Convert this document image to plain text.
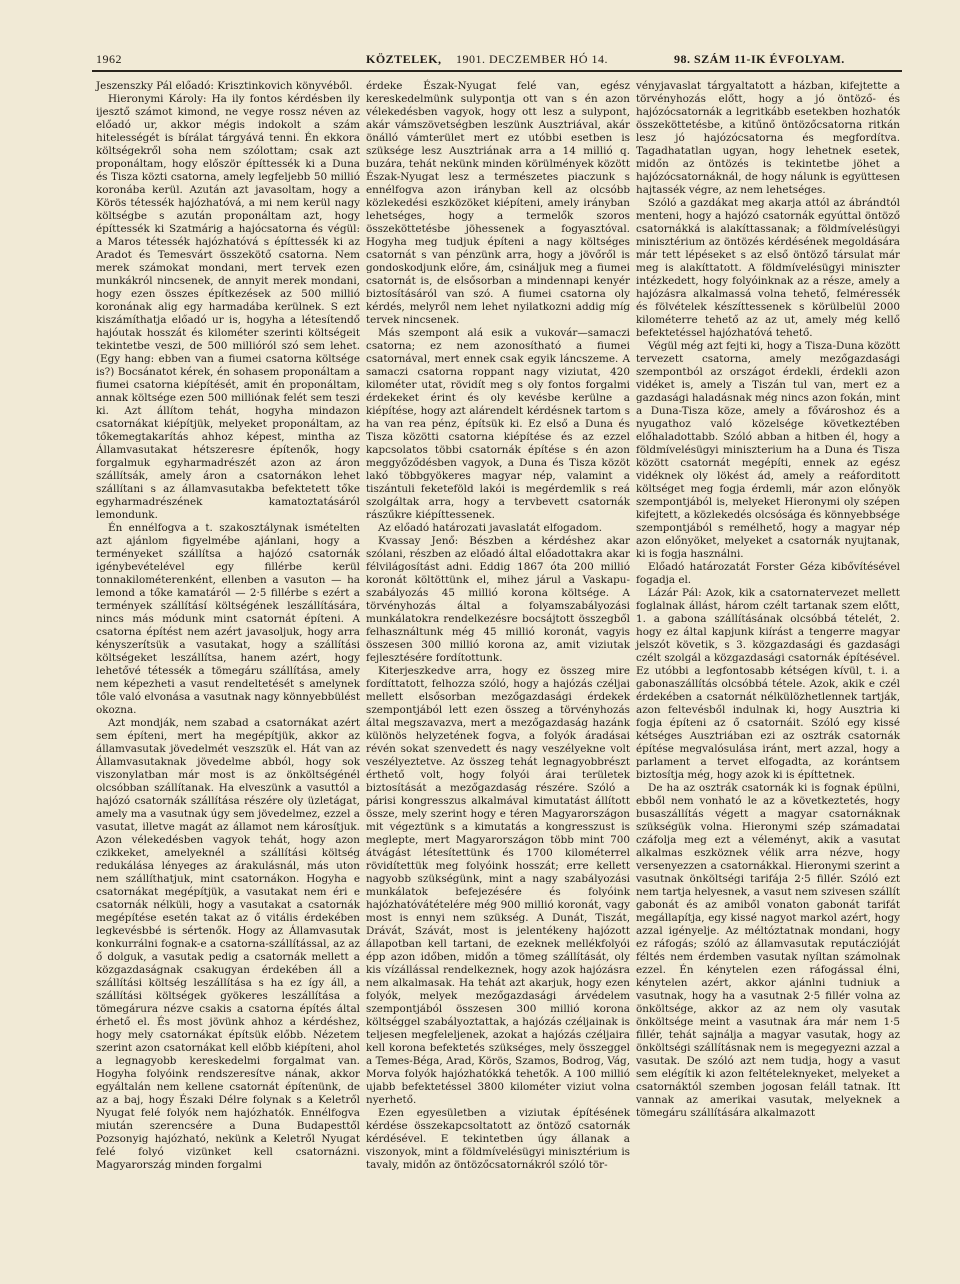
1962	KÖZTELEK, 1901. DECZEMBER HÓ 14.	98. SZÁM 11-IK ÉVFOLYAM.

Jeszenszky Pál előadó: Krisztinkovich könyvéből.

Hieronymi Károly: Ha ily fontos kérdésben ily ijesztő számot kimond, ne vegye rossz néven az előadó ur, akkor mégis indokolt a szám hitelességét is bírálat tárgyává tenni. Én ekkora költségekről soha nem szólottam; csak azt proponáltam, hogy először építtessék ki a Duna és Tisza közti csatorna, amely legfeljebb 50 millió koronába kerül. Azután azt javasoltam, hogy a Körös tétessék hajózhatóvá, a mi nem kerül nagy költségbe s azután proponáltam azt, hogy építtessék ki Szatmárig a hajócsatorna és végül: a Maros tétessék hajózhatóvá s építtessék ki az Aradot és Temesvárt összekötő csatorna. Nem merek számokat mondani, mert tervek ezen munkákról nincsenek, de annyit merek mondani, hogy ezen összes építkezések az 500 millió koronának alig egy harmadába kerülnek. S ezt kiszámíthatja előadó ur is, hogyha a létesítendő hajóutak hosszát és kilométer szerinti költségeit tekintetbe veszi, de 500 millióról szó sem lehet. (Egy hang: ebben van a fiumei csatorna költsége is?) Bocsánatot kérek, én sohasem proponáltam a fiumei csatorna kiépítését, amit én proponáltam, annak költsége ezen 500 milliónak felét sem teszi ki. Azt állítom tehát, hogyha mindazon csatornákat kiépítjük, melyeket proponáltam, az tőkemegtakarítás ahhoz képest, mintha az Államvasutakat hétszeresre építenők, hogy forgalmuk egyharmadrészét azon az áron szállítsák, amely áron a csatornákon lehet szállítani s az államvasutakba befektetett tőke egyharmadrészének kamatoztatásáról lemondunk.

Én ennélfogva a t. szakosztálynak ismételten azt ajánlom figyelmébe ajánlani, hogy a terményeket szállítsa a hajózó csatornák igénybevételével egy fillérbe kerül tonnakilométerenként, ellenben a vasuton — ha lemond a tőke kamatáról — 2·5 fillérbe s ezért a termények szállításí költségének leszállítására, nincs más módunk mint csatornát építeni. A csatorna építést nem azért javasoljuk, hogy arra kényszerítsük a vasutakat, hogy a szállítási költségeket leszállítsa, hanem azért, hogy lehetővé tétessék a tömegáru szállítása, amely nem képezheti a vasut rendeltetését s amelynek tőle való elvonása a vasutnak nagy könnyebbülést okozna.

Azt mondják, nem szabad a csatornákat azért sem építeni, mert ha megépítjük, akkor az államvasutak jövedelmét veszszük el. Hát van az Államvasutaknak jövedelme abból, hogy sok viszonylatban már most is az önköltségénél olcsóbban szállítanak. Ha elveszünk a vasuttól a hajózó csatornák szállítása részére oly üzletágat, amely ma a vasutnak úgy sem jövedelmez, ezzel a vasutat, illetve magát az államot nem károsítjuk. Azon vélekedésben vagyok tehát, hogy azon czikkeket, amelyeknél a szállítási költség redukálása lényeges az árakulásnál, más uton nem szállíthatjuk, mint csatornákon. Hogyha e csatornákat megépítjük, a vasutakat nem éri e csatornák nélküli, hogy a vasutakat a csatornák megépítése esetén takat az ő vitális érdekében legkevésbbé is sértenők. Hogy az Államvasutak konkurrálni fognak-e a csatorna-szállítással, az az ő dolguk, a vasutak pedig a csatornák mellett a közgazdaságnak csakugyan érdekében áll a szállítási költség leszállítása s ha ez így áll, a szállítási költségek gyökeres leszállítása a tömegárura nézve csakis a csatorna építés által érhető el. És most jövünk ahhoz a kérdéshez, hogy mely csatornákat építsük előbb. Nézetem szerint azon csatornákat kell előbb kiépíteni, ahol a legnagyobb kereskedelmi forgalmat van. Hogyha folyóink rendszeresítve nának, akkor egyáltalán nem kellene csatornát építenünk, de az a baj, hogy Északi Délre folynak s a Keletről Nyugat felé folyók nem hajózhatók. Ennélfogva miután szerencsére a Duna Budapesttől Pozsonyig hajózható, nekünk a Keletről Nyugat felé folyó vizünket kell csatornázni. Magyarország minden forgalmi

érdeke Észak-Nyugat felé van, egész kereskedelmünk sulypontja ott van s én azon vélekedésben vagyok, hogy ott lesz a sulypont, akár vámszövetségben leszünk Ausztriával, akár önálló vámterület mert ez utóbbi esetben is szüksége lesz Ausztriának arra a 14 millió q. buzára, tehát nekünk minden körülmények között Észak-Nyugat lesz a természetes piaczunk s ennélfogva azon irányban kell az olcsóbb közlekedési eszközöket kiépíteni, amely irányban lehetséges, hogy a termelők szoros összeköttetésbe jöhessenek a fogyasztóval. Hogyha meg tudjuk építeni a nagy költséges csatornát s van pénzünk arra, hogy a jövőről is gondoskodjunk előre, ám, csináljuk meg a fiumei csatornát is, de elsősorban a mindennapi kenyér biztosításáról van szó. A fiumei csatorna oly kérdés, melyről nem lehet nyilatkozni addig míg tervek nincsenek.

Más szempont alá esik a vukovár—samaczi csatorna; ez nem azonosítható a fiumei csatornával, mert ennek csak egyik láncszeme. A samaczi csatorna roppant nagy viziutat, 420 kilométer utat, rövidít meg s oly fontos forgalmi érdekeket érint és oly kevésbe kerülne a kiépítése, hogy azt alárendelt kérdésnek tartom s ha van rea pénz, építsük ki. Ez első a Duna és Tisza közötti csatorna kiépítése és az ezzel kapcsolatos többi csatornák építése s én azon meggyőződésben vagyok, a Duna és Tisza közöt lakó többgyökeres magyar nép, valamint a tiszántuli feketeföld lakói is megérdemlik s reá szolgáltak arra, hogy a tervbevett csatornák rászűkre kiépíttessenek.

Az előadó határozati javaslatát elfogadom.

Kvassay Jenő: Bészben a kérdéshez akar szólani, részben az előadó által előadottakra akar félvilágosítást adni. Eddig 1867 óta 200 millió koronát költöttünk el, mihez járul a Vaskapu-szabályozás 45 millió korona költsége. A törvényhozás által a folyamszabályozási munkálatokra rendelkezésre bocsájtott összegből felhasználtunk még 45 millió koronát, vagyis összesen 300 millió korona az, amit viziutak fejlesztésére fordítottunk.

Kiterjeszkedve arra, hogy ez összeg mire fordíttatott, felhozza szóló, hogy a hajózás czéljai mellett elsősorban mezőgazdasági érdekek szempontjából lett ezen összeg a törvényhozás által megszavazva, mert a mezőgazdaság hazánk különös helyzetének fogva, a folyók áradásai révén sokat szenvedett és nagy veszélyekne volt veszélyeztetve. Az összeg tehát legnagyobbrészt érthető volt, hogy folyói árai területek biztosítását a mezőgazdaság részére. Szóló a párisi kongresszus alkalmával kimutatást állított össze, mely szerint hogy e téren Magyarországon mit végeztünk s a kimutatás a kongresszust is meglepte, mert Magyarországon több mint 700 átvágást létesítettünk és 1700 kilométerrel rövidítettük meg folyóink hosszát; erre kellett nagyobb szükségünk, mint a nagy szabályozási munkálatok befejezésére és folyóink hajózhatóvátételére még 900 millió koronát, vagy most is ennyi nem szükség. A Dunát, Tiszát, Drávát, Szávát, most is jelentékeny hajózott állapotban kell tartani, de ezeknek mellékfolyói épp azon időben, midőn a tömeg szállítását, oly kis vízállással rendelkeznek, hogy azok hajózásra nem alkalmasak. Ha tehát azt akarjuk, hogy ezen folyók, melyek mezőgazdasági árvédelem szempontjából összesen 300 millió korona költséggel szabályoztattak, a hajózás czéljainak is teljesen megfeleljenek, azokat a hajózás czéljaira kell korona befektetés szükséges, mely összeggel a Temes-Béga, Arad, Körös, Szamos, Bodrog, Vág, Morva folyók hajózhatókká tehetők. A 100 millió ujabb befektetéssel 3800 kilométer viziut volna nyerhető.

Ezen egyesületben a viziutak építésének kérdése összekapcsoltatott az öntöző csatornák kérdésével. E tekintetben úgy állanak a viszonyok, mint a földmívelésügyi minisztérium is tavaly, midőn az öntözőcsatornákról szóló tör-

vényjavaslat tárgyaltatott a házban, kifejtette a törvényhozás előtt, hogy a jó öntöző- és hajózócsatornák a legritkább esetekben hozhatók összeköttetésbe, a kitűnő öntözőcsatorna ritkán lesz jó hajózócsatorna és megfordítva. Tagadhatatlan ugyan, hogy lehetnek esetek, midőn az öntözés is tekintetbe jöhet a hajózócsatornáknál, de hogy nálunk is együttesen hajtassék végre, az nem lehetséges.

Szóló a gazdákat meg akarja attól az ábrándtól menteni, hogy a hajózó csatornák egyúttal öntöző csatornákká is alakíttassanak; a földmívelésügyi minisztérium az öntözés kérdésének megoldására már tett lépéseket s az első öntöző társulat már meg is alakíttatott. A földmívelésügyi miniszter intézkedett, hogy folyóinknak az a része, amely a hajózásra alkalmassá volna tehető, felméressék és fölvételek készíttessenek s körülbelül 2000 kilométerre tehető az az ut, amely még kellő befektetéssel hajózhatóvá tehető.

Végül még azt fejti ki, hogy a Tisza-Duna között tervezett csatorna, amely mezőgazdasági szempontból az országot érdekli, érdekli azon vidéket is, amely a Tiszán tul van, mert ez a gazdasági haladásnak még nincs azon fokán, mint a Duna-Tisza köze, amely a fővároshoz és a nyugathoz való közelsége következtében előhaladottabb. Szóló abban a hitben él, hogy a földmívelésügyi miniszterium ha a Duna és Tisza között csatornát megépíti, ennek az egész vidéknek oly lökést ád, amely a reáforditott költséget meg fogja érdemli, már azon előnyök szempontjából is, melyeket Hieronymi oly szépen kifejtett, a közlekedés olcsósága és könnyebbsége szempontjából s remélhető, hogy a magyar nép azon előnyöket, melyeket a csatornák nyujtanak, ki is fogja használni.

Előadó határozatát Forster Géza kibővítésével fogadja el.

Lázár Pál: Azok, kik a csatornatervezet mellett foglalnak állást, három czélt tartanak szem előtt, 1. a gabona szállításának olcsóbbá tételét, 2. hogy ez által kapjunk kiírást a tengerre magyar jelszót követik, s 3. közgazdasági és gazdasági czélt szolgál a közgazdasági csatornák építésével. Ez utóbbi a legfontosabb kétségen kívül, t. i. a gabonaszállítás olcsóbbá tétele. Azok, akik e czél érdekében a csatornát nélkülözhetlennek tartják, azon feltevésből indulnak ki, hogy Ausztria ki fogja építeni az ő csatornáit. Szóló egy kissé kétséges Ausztriában ezi az osztrák csatornák építése megvalósulása iránt, mert azzal, hogy a parlament a tervet elfogadta, az korántsem biztosítja még, hogy azok ki is építtetnek.

De ha az osztrák csatornák ki is fognak épülni, ebből nem vonható le az a következtetés, hogy busaszállítás végett a magyar csatornáknak szükségük volna. Hieronymi szép számadatai czáfolja meg ezt a véleményt, akik a vasutat alkalmas eszköznek vélik arra nézve, hogy versenyezzen a csatornákkal. Hieronymi szerint a vasutnak önköltségi tarifája 2·5 fillér. Szóló ezt nem tartja helyesnek, a vasut nem szivesen szállít gabonát és az amiből vonaton gabonát tarifát megállapítja, egy kissé nagyot markol azért, hogy azzal igényelje. Az méltóztatnak mondani, hogy ez ráfogás; szóló az államvasutak reputáczióját féltés nem érdemben vasutak nyíltan számolnak ezzel. Én kénytelen ezen ráfogással élni, kénytelen azért, akkor ajánlni tudniuk a vasutnak, hogy ha a vasutnak 2·5 fillér volna az önköltsége, akkor az az nem oly vasutak önköltsége meint a vasutnak ára már nem 1·5 fillér, tehát sajnálja a magyar vasutak, hogy az önköltségi szállításnak nem is megegyezni azzal a vasutak. De szóló azt nem tudja, hogy a vasut sem elégítik ki azon feltételeknyeket, melyeket a csatornáktól szemben jogosan feláll tatnak. Itt vannak az amerikai vasutak, melyeknek a tömegáru szállítására alkalmazott
